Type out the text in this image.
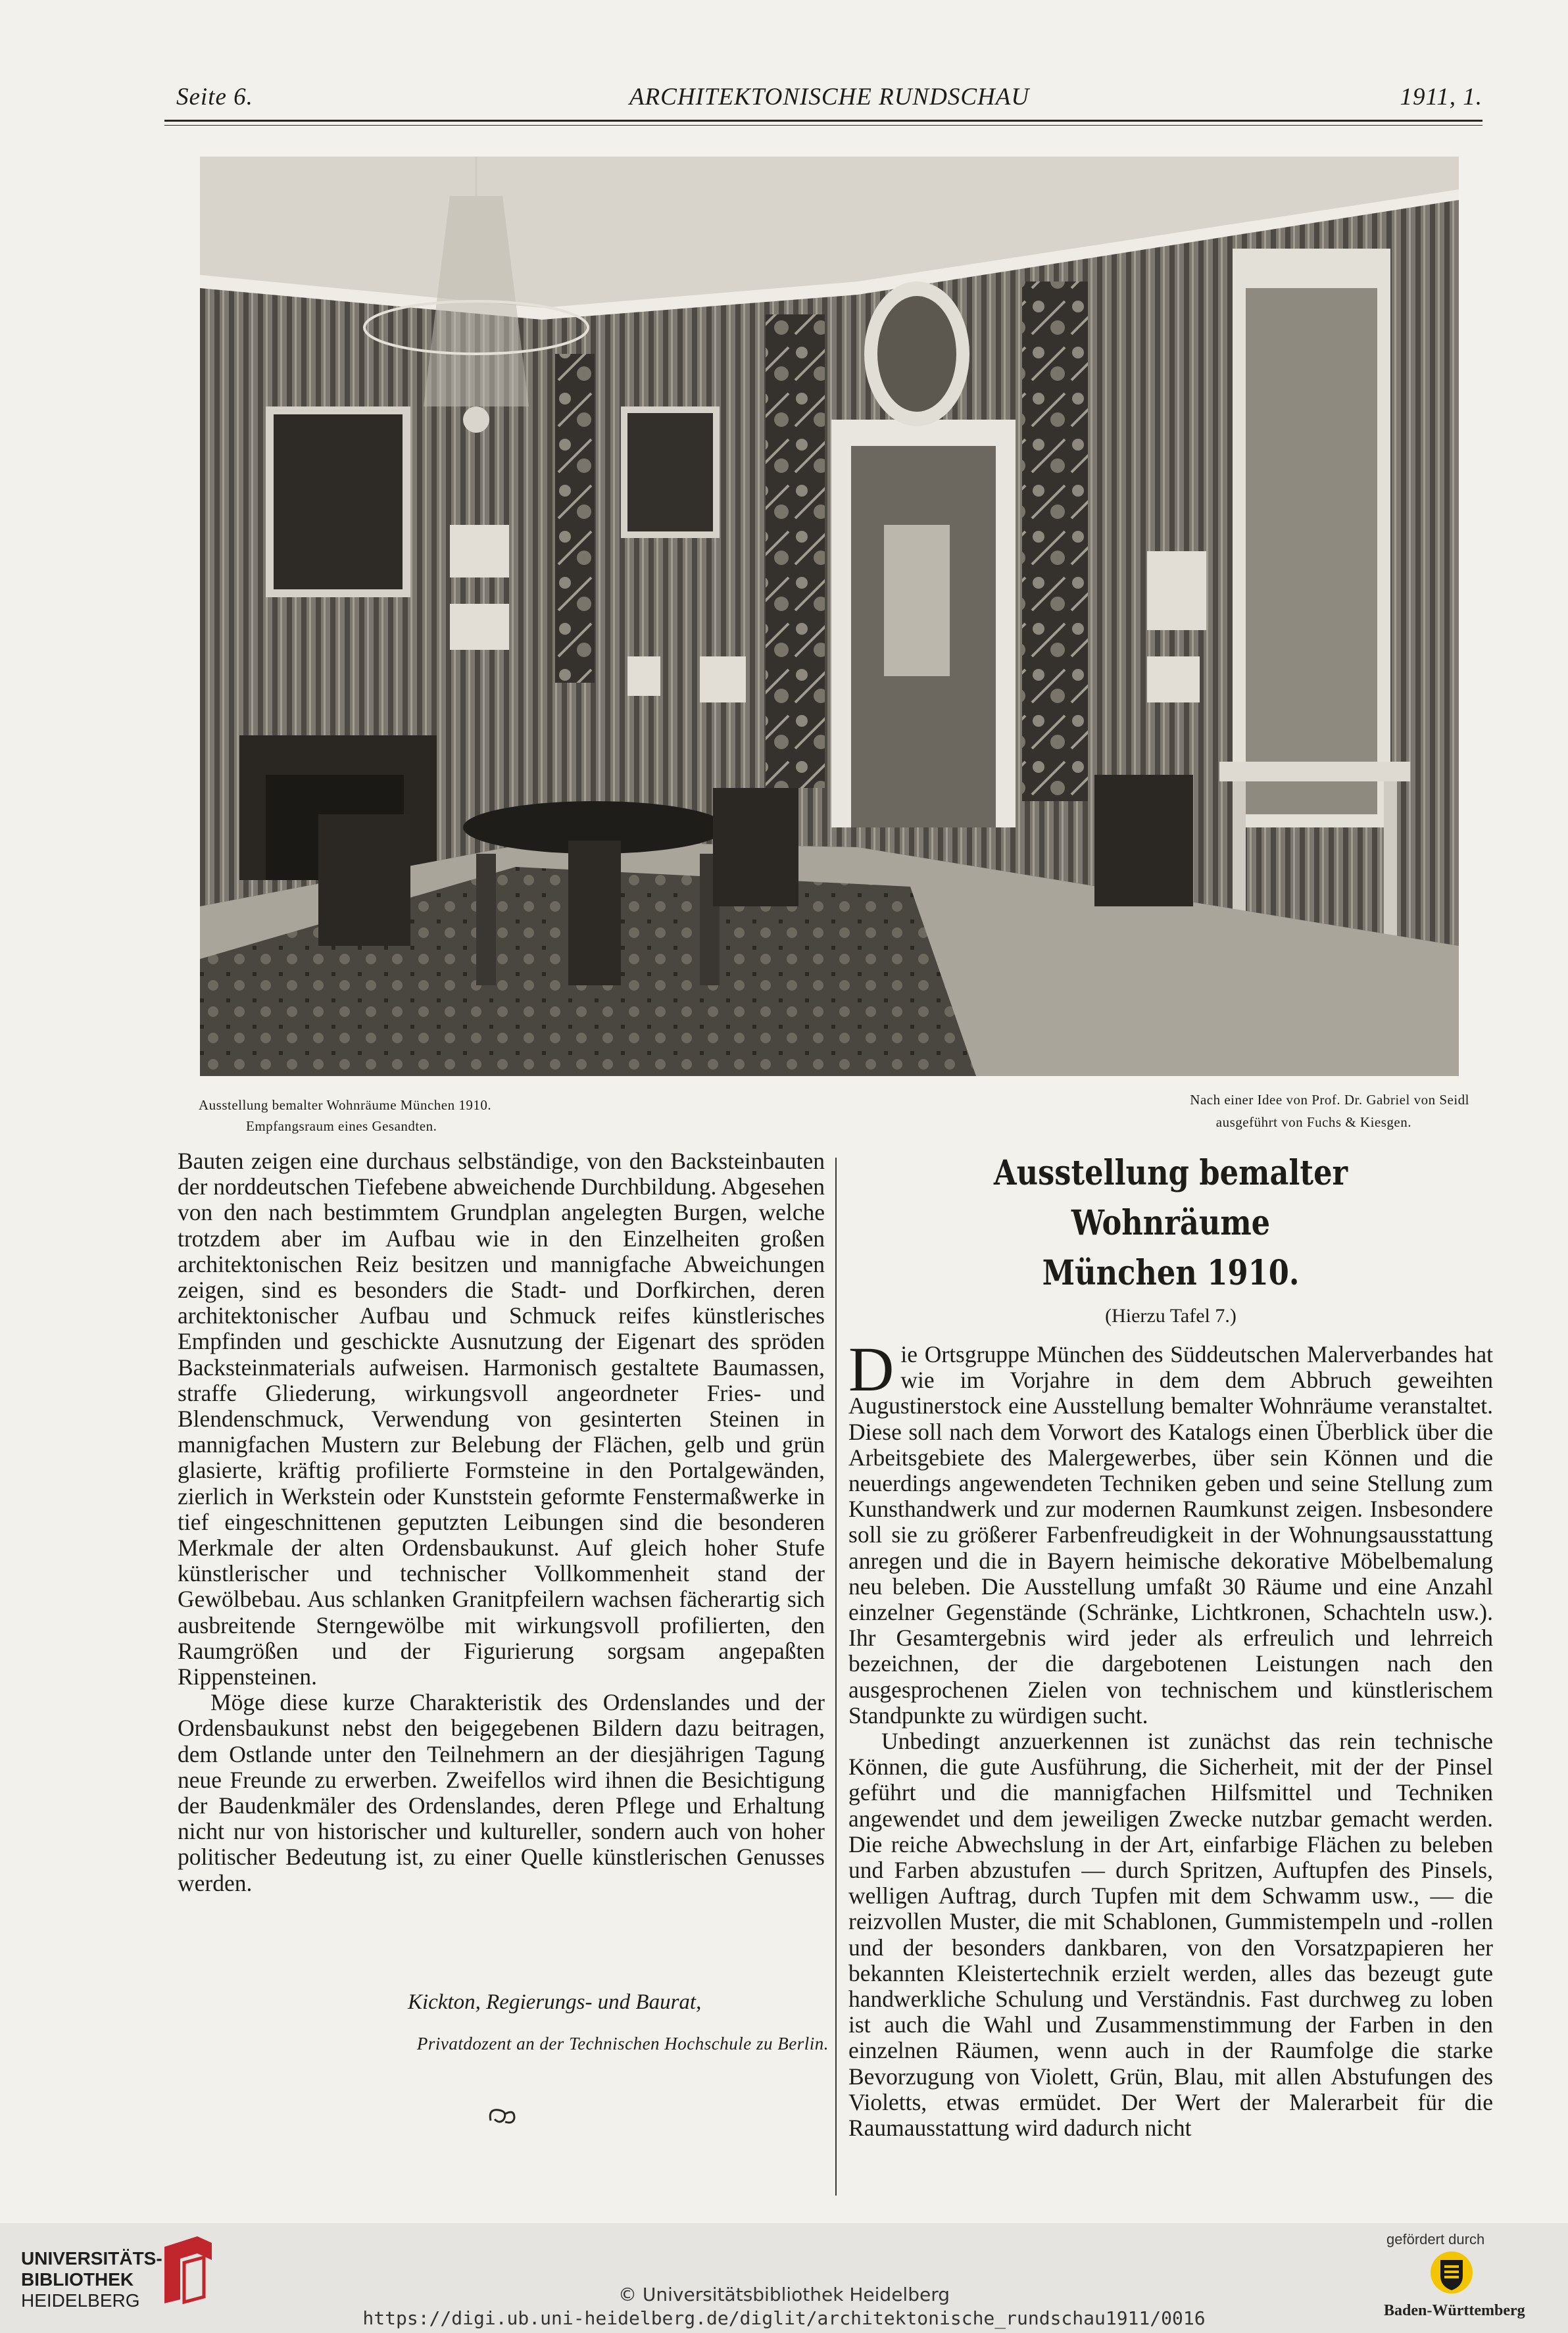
Seite 6.	ARCHITEKTONISCHE RUNDSCHAU	1911, 1.
Ausstellung bemalter Wohnräume München 1910.
Empfangsraum eines Gesandten.
Nach einer Idee von Prof. Dr. Gabriel von Seidl
ausgeführt von Fuchs & Kiesgen.

Bauten zeigen eine durchaus selbständige, von den Backsteinbauten der norddeutschen Tiefebene abweichende Durchbildung. Abgesehen von den nach bestimmtem Grundplan angelegten Burgen, welche trotzdem aber im Aufbau wie in den Einzelheiten großen architektonischen Reiz besitzen und mannigfache Abweichungen zeigen, sind es besonders die Stadt- und Dorfkirchen, deren architektonischer Aufbau und Schmuck reifes künstlerisches Empfinden und geschickte Ausnutzung der Eigenart des spröden Backsteinmaterials aufweisen. Harmonisch gestaltete Baumassen, straffe Gliederung, wirkungsvoll angeordneter Fries- und Blendenschmuck, Verwendung von gesinterten Steinen in mannigfachen Mustern zur Belebung der Flächen, gelb und grün glasierte, kräftig profilierte Formsteine in den Portalgewänden, zierlich in Werkstein oder Kunststein geformte Fenstermaßwerke in tief eingeschnittenen geputzten Leibungen sind die besonderen Merkmale der alten Ordensbaukunst. Auf gleich hoher Stufe künstlerischer und technischer Vollkommenheit stand der Gewölbebau. Aus schlanken Granitpfeilern wachsen fächerartig sich ausbreitende Sterngewölbe mit wirkungsvoll profilierten, den Raumgrößen und der Figurierung sorgsam angepaßten Rippensteinen.

Möge diese kurze Charakteristik des Ordenslandes und der Ordensbaukunst nebst den beigegebenen Bildern dazu beitragen, dem Ostlande unter den Teilnehmern an der diesjährigen Tagung neue Freunde zu erwerben. Zweifellos wird ihnen die Besichtigung der Baudenkmäler des Ordenslandes, deren Pflege und Erhaltung nicht nur von historischer und kultureller, sondern auch von hoher politischer Bedeutung ist, zu einer Quelle künstlerischen Genusses werden.

Kickton, Regierungs- und Baurat,
Privatdozent an der Technischen Hochschule zu Berlin.
Ausstellung bemalter Wohnräume
München 1910.
(Hierzu Tafel 7.)

Die Ortsgruppe München des Süddeutschen Malerverbandes hat wie im Vorjahre in dem dem Abbruch geweihten Augustinerstock eine Ausstellung bemalter Wohnräume veranstaltet. Diese soll nach dem Vorwort des Katalogs einen Überblick über die Arbeitsgebiete des Malergewerbes, über sein Können und die neuerdings angewendeten Techniken geben und seine Stellung zum Kunsthandwerk und zur modernen Raumkunst zeigen. Insbesondere soll sie zu größerer Farbenfreudigkeit in der Wohnungsausstattung anregen und die in Bayern heimische dekorative Möbelbemalung neu beleben. Die Ausstellung umfaßt 30 Räume und eine Anzahl einzelner Gegenstände (Schränke, Lichtkronen, Schachteln usw.). Ihr Gesamtergebnis wird jeder als erfreulich und lehrreich bezeichnen, der die dargebotenen Leistungen nach den ausgesprochenen Zielen von technischem und künstlerischem Standpunkte zu würdigen sucht.

Unbedingt anzuerkennen ist zunächst das rein technische Können, die gute Ausführung, die Sicherheit, mit der der Pinsel geführt und die mannigfachen Hilfsmittel und Techniken angewendet und dem jeweiligen Zwecke nutzbar gemacht werden. Die reiche Abwechslung in der Art, einfarbige Flächen zu beleben und Farben abzustufen — durch Spritzen, Auftupfen des Pinsels, welligen Auftrag, durch Tupfen mit dem Schwamm usw., — die reizvollen Muster, die mit Schablonen, Gummistempeln und -rollen und der besonders dankbaren, von den Vorsatzpapieren her bekannten Kleistertechnik erzielt werden, alles das bezeugt gute handwerkliche Schulung und Verständnis. Fast durchweg zu loben ist auch die Wahl und Zusammenstimmung der Farben in den einzelnen Räumen, wenn auch in der Raumfolge die starke Bevorzugung von Violett, Grün, Blau, mit allen Abstufungen des Violetts, etwas ermüdet. Der Wert der Malerarbeit für die Raumausstattung wird dadurch nicht

UNIVERSITÄTS-
BIBLIOTHEK
HEIDELBERG	© Universitätsbibliothek Heidelberg
https://digi.ub.uni-heidelberg.de/diglit/architektonische_rundschau1911/0016
gefördert durch
Baden-Württemberg
